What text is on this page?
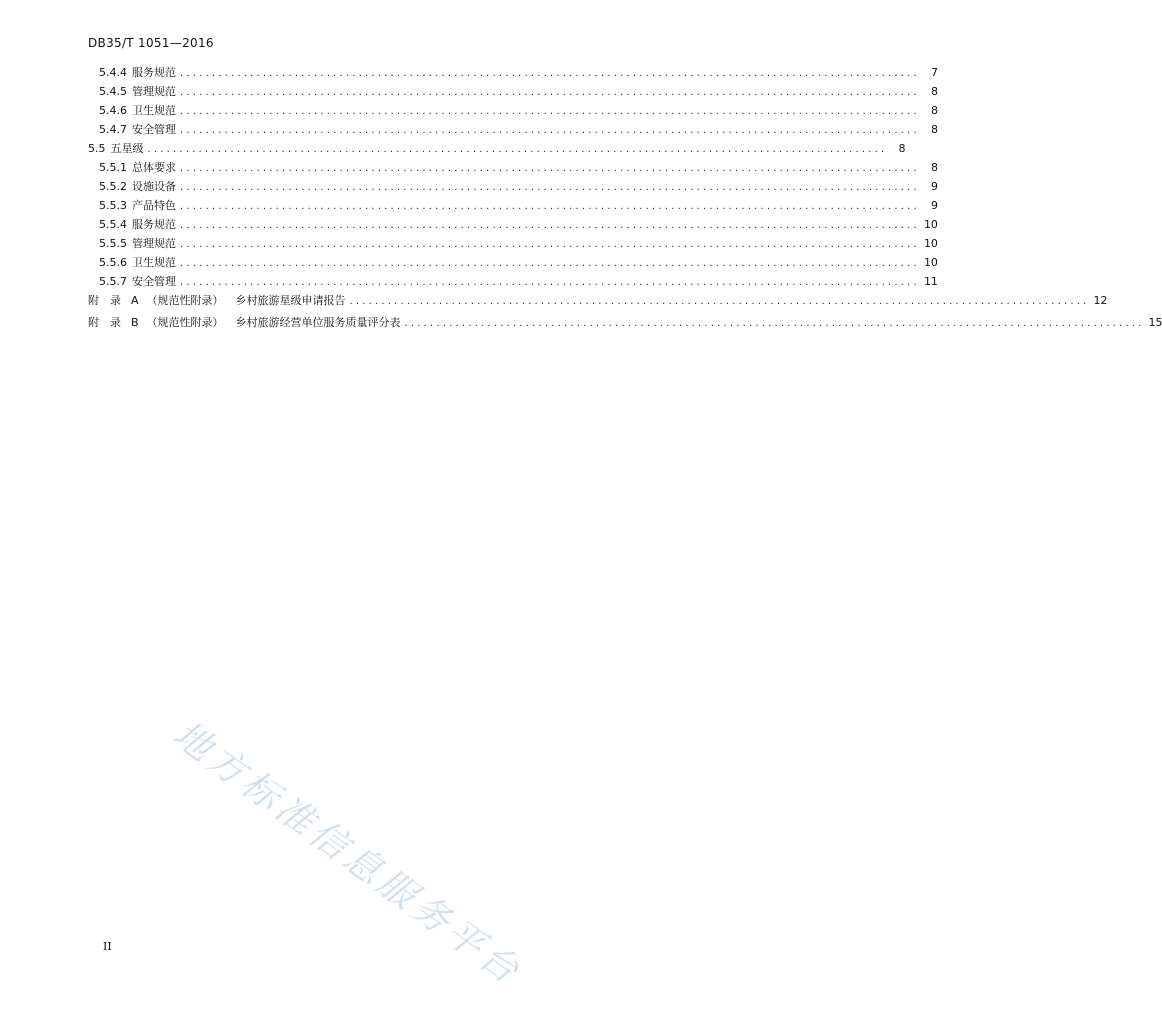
DB35/T 1051—2016
5.4.4 服务规范 ....................................................................................................................	7
5.4.5 管理规范 ....................................................................................................................	8
5.4.6 卫生规范 ....................................................................................................................	8
5.4.7 安全管理 ....................................................................................................................	8
5.5 五星级 ....................................................................................................................	8
5.5.1 总体要求 ....................................................................................................................	8
5.5.2 设施设备 ....................................................................................................................	9
5.5.3 产品特色 ....................................................................................................................	9
5.5.4 服务规范 .................................................................................................................... 10
5.5.5 管理规范 .................................................................................................................... 10
5.5.6 卫生规范 .................................................................................................................... 10
5.5.7 安全管理 .................................................................................................................... 11
附　录 A （规范性附录） 乡村旅游星级申请报告 .................................................................................................................... 12
附　录 B （规范性附录） 乡村旅游经营单位服务质量评分表 .................................................................................................................... 15
地方标准信息服务平台
II
